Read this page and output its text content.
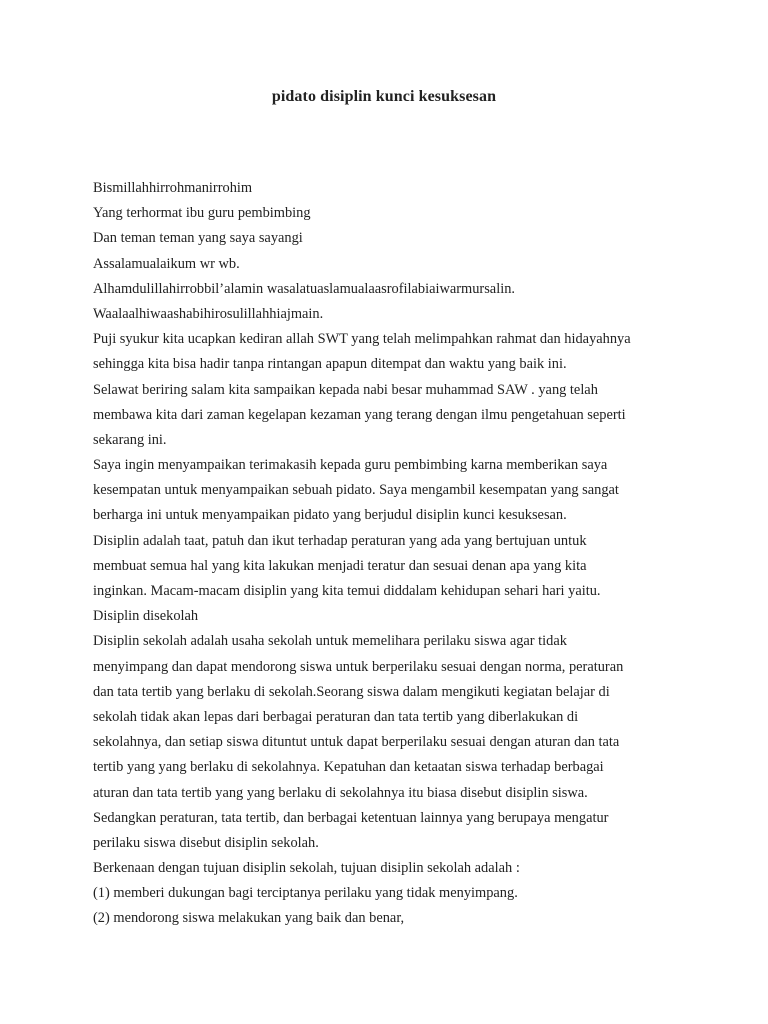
pidato disiplin kunci kesuksesan
Bismillahhirrohmanirrohim
Yang terhormat ibu guru pembimbing
Dan teman teman yang saya sayangi
Assalamualaikum wr wb.
Alhamdulillahirrobbil’alamin wasalatuaslamualaasrofilabiaiwarmursalin.
Waalaalhiwaashabihirosulillahhiajmain.
Puji syukur kita ucapkan kediran allah SWT yang telah melimpahkan rahmat dan hidayahnya
sehingga kita bisa hadir tanpa rintangan apapun ditempat dan waktu yang baik ini.
Selawat beriring salam kita sampaikan kepada nabi besar muhammad SAW . yang telah
membawa kita dari zaman kegelapan kezaman yang terang dengan ilmu pengetahuan seperti
sekarang ini.
Saya ingin menyampaikan terimakasih kepada guru pembimbing karna memberikan saya
kesempatan untuk menyampaikan sebuah pidato. Saya mengambil kesempatan yang sangat
berharga ini untuk menyampaikan pidato yang berjudul disiplin kunci kesuksesan.
Disiplin adalah taat, patuh dan ikut terhadap peraturan yang ada yang bertujuan untuk
membuat semua hal yang kita lakukan menjadi teratur dan sesuai denan apa yang kita
inginkan. Macam-macam disiplin yang kita temui diddalam kehidupan sehari hari yaitu.
Disiplin disekolah
Disiplin sekolah adalah usaha sekolah untuk memelihara perilaku siswa agar tidak
menyimpang dan dapat mendorong siswa untuk berperilaku sesuai dengan norma, peraturan
dan tata tertib yang berlaku di sekolah.Seorang siswa dalam mengikuti kegiatan belajar di
sekolah tidak akan lepas dari berbagai peraturan dan tata tertib yang diberlakukan di
sekolahnya, dan setiap siswa dituntut untuk dapat berperilaku sesuai dengan aturan dan tata
tertib yang yang berlaku di sekolahnya. Kepatuhan dan ketaatan siswa terhadap berbagai
aturan dan tata tertib yang yang berlaku di sekolahnya itu biasa disebut disiplin siswa.
Sedangkan peraturan, tata tertib, dan berbagai ketentuan lainnya yang berupaya mengatur
perilaku siswa disebut disiplin sekolah.
Berkenaan dengan tujuan disiplin sekolah, tujuan disiplin sekolah adalah :
(1) memberi dukungan bagi terciptanya perilaku yang tidak menyimpang.
(2) mendorong siswa melakukan yang baik dan benar,
